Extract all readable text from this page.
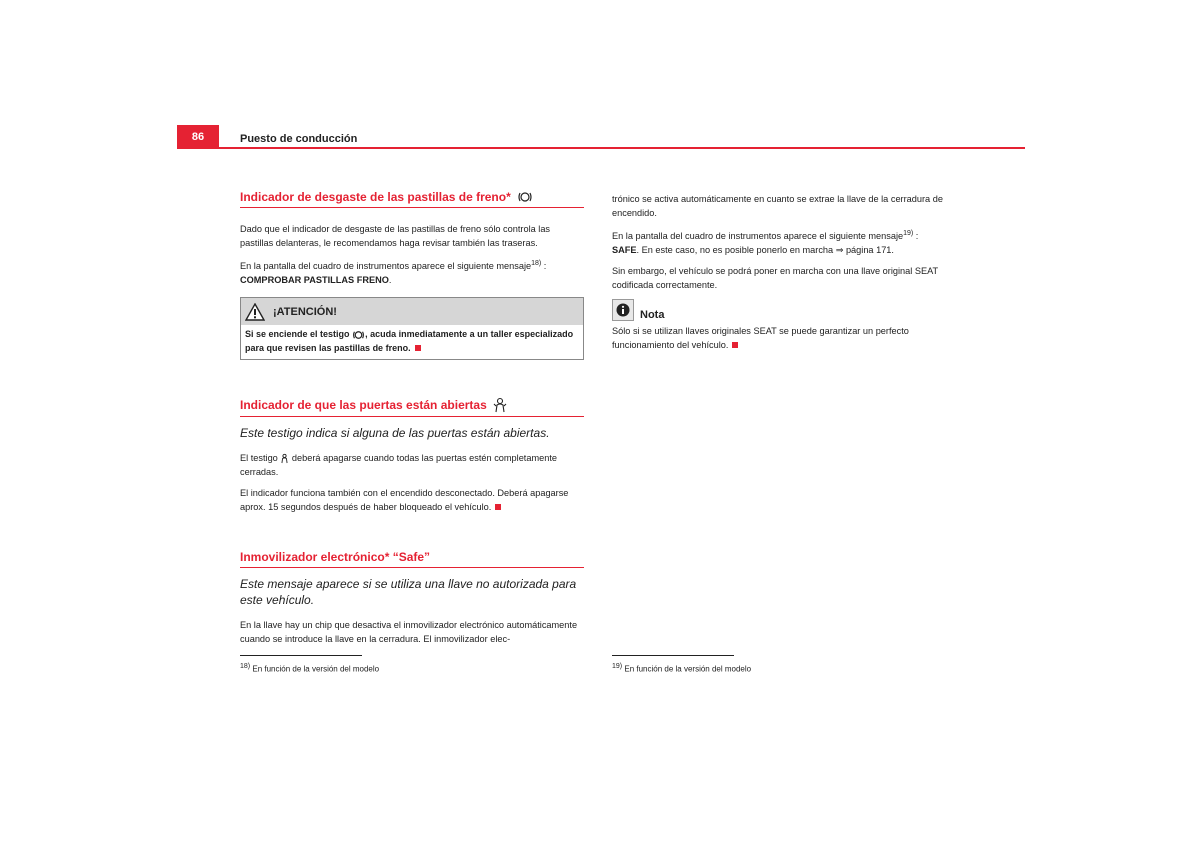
86	Puesto de conducción
Indicador de desgaste de las pastillas de freno*

Dado que el indicador de desgaste de las pastillas de freno sólo controla las pastillas delanteras, le recomendamos haga revisar también las traseras.

En la pantalla del cuadro de instrumentos aparece el siguiente mensaje$^{18)}$ :
COMPROBAR PASTILLAS FRENO.

¡ATENCIÓN!
Si se enciende el testigo , acuda inmediatamente a un taller especializado para que revisen las pastillas de freno.
Indicador de que las puertas están abiertas

Este testigo indica si alguna de las puertas están abiertas.

El testigo deberá apagarse cuando todas las puertas estén completamente cerradas.

El indicador funciona también con el encendido desconectado. Deberá apagarse aprox. 15 segundos después de haber bloqueado el vehículo.

Inmovilizador electrónico* “Safe”

Este mensaje aparece si se utiliza una llave no autorizada para este vehículo.

En la llave hay un chip que desactiva el inmovilizador electrónico automáticamente cuando se introduce la llave en la cerradura. El inmovilizador elec-

$^{18)}$ En función de la versión del modelo

trónico se activa automáticamente en cuanto se extrae la llave de la cerradura de encendido.

En la pantalla del cuadro de instrumentos aparece el siguiente mensaje$^{19)}$ :
SAFE. En este caso, no es posible ponerlo en marcha ⇒ página 171.

Sin embargo, el vehículo se podrá poner en marcha con una llave original SEAT codificada correctamente.

Nota

Sólo si se utilizan llaves originales SEAT se puede garantizar un perfecto funcionamiento del vehículo.

$^{19)}$ En función de la versión del modelo
